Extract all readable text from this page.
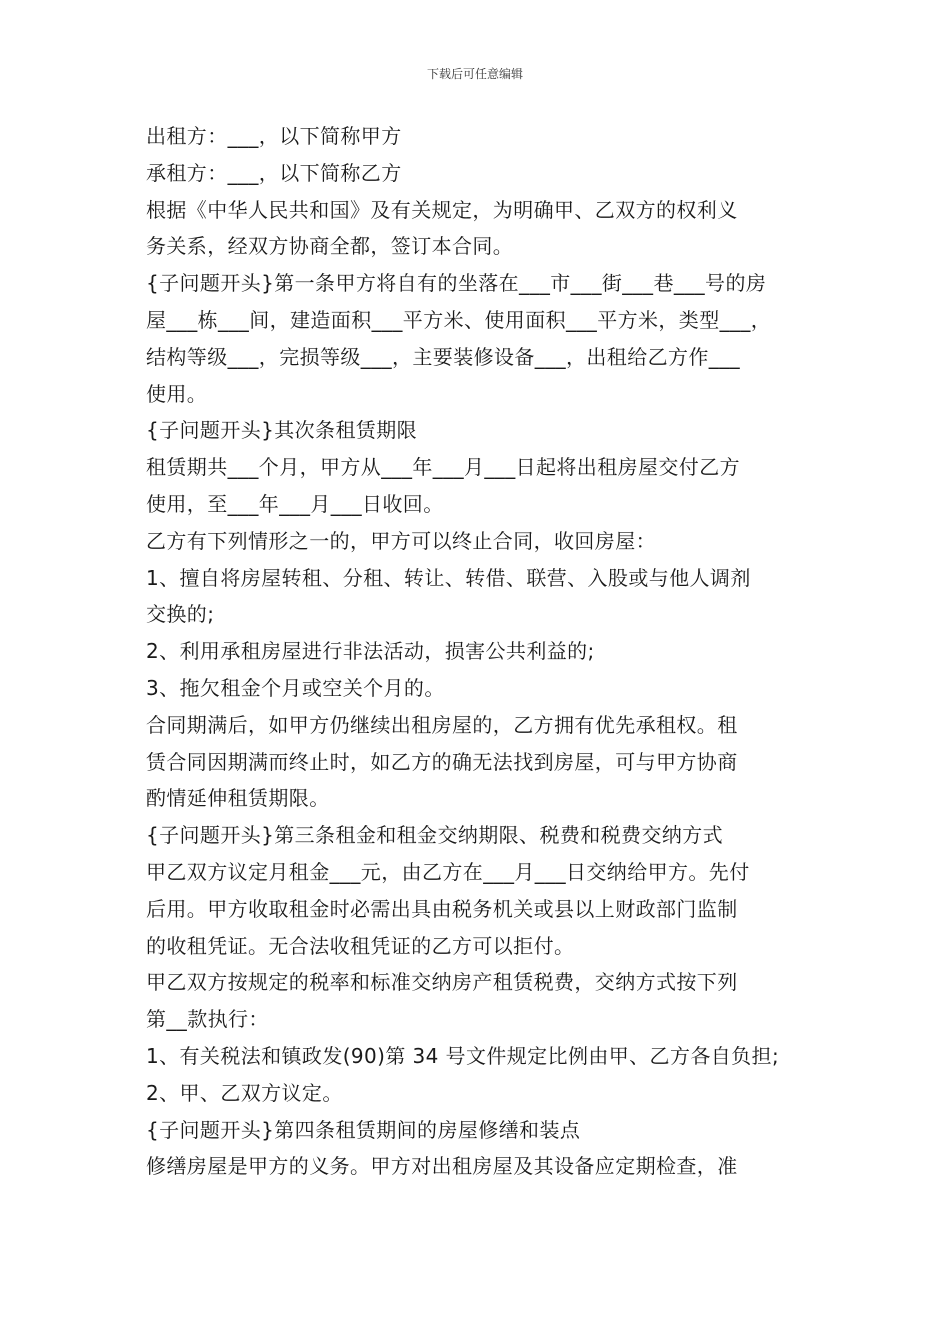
下载后可任意编辑
出租方：___，以下简称甲方
承租方：___，以下简称乙方
根据《中华人民共和国》及有关规定，为明确甲、乙双方的权利义
务关系，经双方协商全都，签订本合同。
{子问题开头}第一条甲方将自有的坐落在___市___街___巷___号的房
屋___栋___间，建造面积___平方米、使用面积___平方米，类型___，
结构等级___，完损等级___，主要装修设备___，出租给乙方作___
使用。
{子问题开头}其次条租赁期限
租赁期共___个月，甲方从___年___月___日起将出租房屋交付乙方
使用，至___年___月___日收回。
乙方有下列情形之一的，甲方可以终止合同，收回房屋：
1、擅自将房屋转租、分租、转让、转借、联营、入股或与他人调剂
交换的;
2、利用承租房屋进行非法活动，损害公共利益的;
3、拖欠租金个月或空关个月的。
合同期满后，如甲方仍继续出租房屋的，乙方拥有优先承租权。租
赁合同因期满而终止时，如乙方的确无法找到房屋，可与甲方协商
酌情延伸租赁期限。
{子问题开头}第三条租金和租金交纳期限、税费和税费交纳方式
甲乙双方议定月租金___元，由乙方在___月___日交纳给甲方。先付
后用。甲方收取租金时必需出具由税务机关或县以上财政部门监制
的收租凭证。无合法收租凭证的乙方可以拒付。
甲乙双方按规定的税率和标准交纳房产租赁税费，交纳方式按下列
第__款执行：
1、有关税法和镇政发(90)第 34 号文件规定比例由甲、乙方各自负担;
2、甲、乙双方议定。
{子问题开头}第四条租赁期间的房屋修缮和装点
修缮房屋是甲方的义务。甲方对出租房屋及其设备应定期检查，准
